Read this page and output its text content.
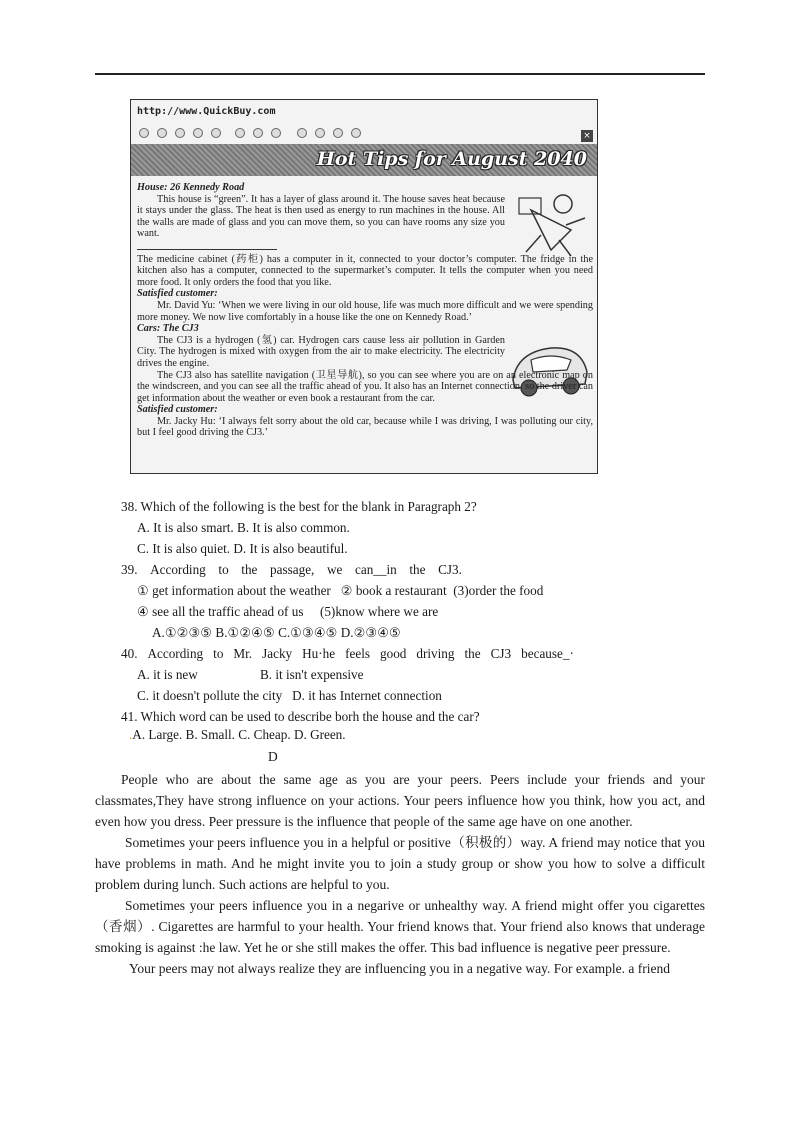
http://www.QuickBuy.com
×
Hot Tips for August 2040

House: 26 Kennedy Road

This house is “green”. It has a layer of glass around it. The house saves heat because it stays under the glass. The heat is then used as energy to run machines in the house. All the walls are made of glass and you can move them, so you can have rooms any size you want.

The medicine cabinet (药柜) has a computer in it, connected to your doctor’s computer. The fridge in the kitchen also has a computer, connected to the supermarket’s computer. It tells the computer when you need more food. It only orders the food that you like.

Satisfied customer:

Mr. David Yu: ‘When we were living in our old house, life was much more difficult and we were spending more money. We now live comfortably in a house like the one on Kennedy Road.’

Cars: The CJ3

The CJ3 is a hydrogen (氢) car. Hydrogen cars cause less air pollution in Garden City. The hydrogen is mixed with oxygen from the air to make electricity. The electricity drives the engine.

The CJ3 also has satellite navigation (卫星导航), so you can see where you are on an electronic map on the windscreen, and you can see all the traffic ahead of you. It also has an Internet connection, so the driver can get information about the weather or even book a restaurant from the car.

Satisfied customer:

Mr. Jacky Hu: ‘I always felt sorry about the old car, because while I was driving, I was polluting our city, but I feel good driving the CJ3.’

38. Which of the following is the best for the blank in Paragraph 2?
A. It is also smart. B. It is also common.
C. It is also quiet. D. It is also beautiful.
39. According to the passage, we can__in the CJ3.
① get information about the weather   ② book a restaurant  (3)order the food
④ see all the traffic ahead of us     (5)know where we are
A.①②③⑤ B.①②④⑤ C.①③④⑤ D.②③④⑤
40. According to Mr. Jacky Hu·he feels good driving the CJ3 because_·
A. it is new	B. it isn't expensive
C. it doesn't pollute the city   D. it has Internet connection
41. Which word can be used to describe borh the house and the car?
.A. Large. B. Small. C. Cheap. D. Green.
D

People who are about the same age as you are your peers. Peers include your friends and your classmates,They have strong influence on your actions. Your peers influence how you think, how you act, and even how you dress. Peer pressure is the influence that people of the same age have on one another.

Sometimes your peers influence you in a helpful or positive（积极的）way. A friend may notice that you have problems in math. And he might invite you to join a study group or show you how to solve a difficult problem during lunch. Such actions are helpful to you.

Sometimes your peers influence you in a negarive or unhealthy way. A friend might offer you cigarettes（香烟）. Cigarettes are harmful to your health. Your friend knows that. Your friend also knows that underage smoking is against :he law. Yet he or she still makes the offer. This bad influence is negative peer pressure.

Your peers may not always realize they are influencing you in a negative way. For example. a friend
